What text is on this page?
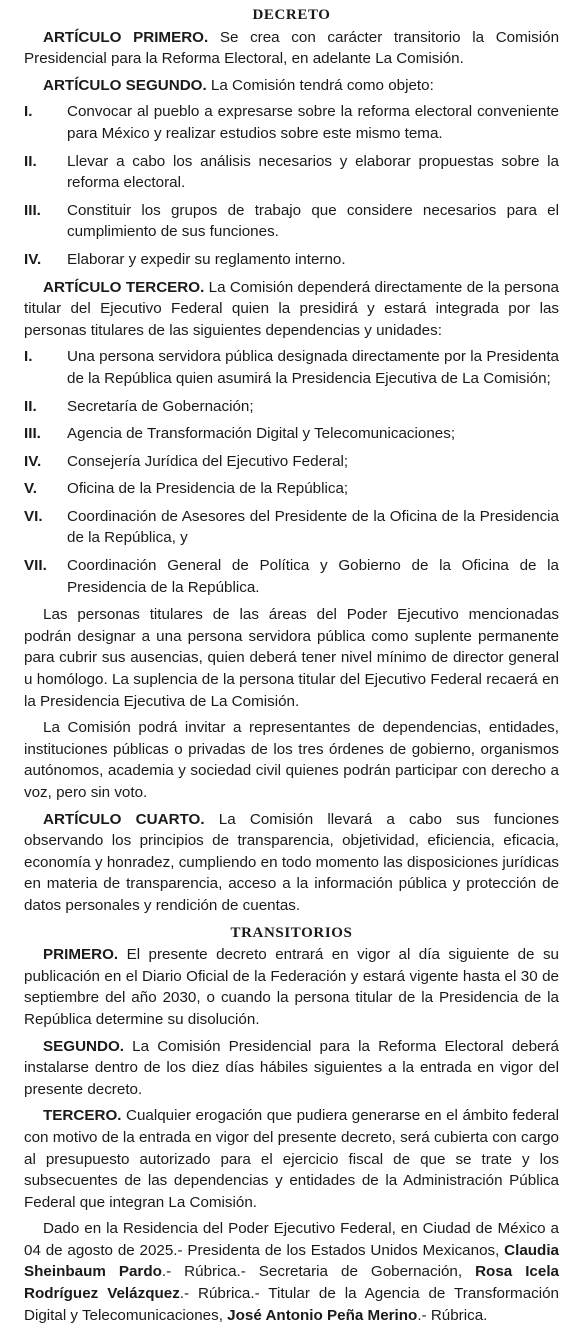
DECRETO

ARTÍCULO PRIMERO. Se crea con carácter transitorio la Comisión Presidencial para la Reforma Electoral, en adelante La Comisión.

ARTÍCULO SEGUNDO. La Comisión tendrá como objeto:

I.	Convocar al pueblo a expresarse sobre la reforma electoral conveniente para México y realizar estudios sobre este mismo tema.
II.	Llevar a cabo los análisis necesarios y elaborar propuestas sobre la reforma electoral.
III.	Constituir los grupos de trabajo que considere necesarios para el cumplimiento de sus funciones.
IV.	Elaborar y expedir su reglamento interno.

ARTÍCULO TERCERO. La Comisión dependerá directamente de la persona titular del Ejecutivo Federal quien la presidirá y estará integrada por las personas titulares de las siguientes dependencias y unidades:

I.	Una persona servidora pública designada directamente por la Presidenta de la República quien asumirá la Presidencia Ejecutiva de La Comisión;
II.	Secretaría de Gobernación;
III.	Agencia de Transformación Digital y Telecomunicaciones;
IV.	Consejería Jurídica del Ejecutivo Federal;
V.	Oficina de la Presidencia de la República;
VI.	Coordinación de Asesores del Presidente de la Oficina de la Presidencia de la República, y
VII.	Coordinación General de Política y Gobierno de la Oficina de la Presidencia de la República.

Las personas titulares de las áreas del Poder Ejecutivo mencionadas podrán designar a una persona servidora pública como suplente permanente para cubrir sus ausencias, quien deberá tener nivel mínimo de director general u homólogo. La suplencia de la persona titular del Ejecutivo Federal recaerá en la Presidencia Ejecutiva de La Comisión.

La Comisión podrá invitar a representantes de dependencias, entidades, instituciones públicas o privadas de los tres órdenes de gobierno, organismos autónomos, academia y sociedad civil quienes podrán participar con derecho a voz, pero sin voto.

ARTÍCULO CUARTO. La Comisión llevará a cabo sus funciones observando los principios de transparencia, objetividad, eficiencia, eficacia, economía y honradez, cumpliendo en todo momento las disposiciones jurídicas en materia de transparencia, acceso a la información pública y protección de datos personales y rendición de cuentas.

TRANSITORIOS

PRIMERO. El presente decreto entrará en vigor al día siguiente de su publicación en el Diario Oficial de la Federación y estará vigente hasta el 30 de septiembre del año 2030, o cuando la persona titular de la Presidencia de la República determine su disolución.

SEGUNDO. La Comisión Presidencial para la Reforma Electoral deberá instalarse dentro de los diez días hábiles siguientes a la entrada en vigor del presente decreto.

TERCERO. Cualquier erogación que pudiera generarse en el ámbito federal con motivo de la entrada en vigor del presente decreto, será cubierta con cargo al presupuesto autorizado para el ejercicio fiscal de que se trate y los subsecuentes de las dependencias y entidades de la Administración Pública Federal que integran La Comisión.

Dado en la Residencia del Poder Ejecutivo Federal, en Ciudad de México a 04 de agosto de 2025.- Presidenta de los Estados Unidos Mexicanos, Claudia Sheinbaum Pardo.- Rúbrica.- Secretaria de Gobernación, Rosa Icela Rodríguez Velázquez.- Rúbrica.- Titular de la Agencia de Transformación Digital y Telecomunicaciones, José Antonio Peña Merino.- Rúbrica.
